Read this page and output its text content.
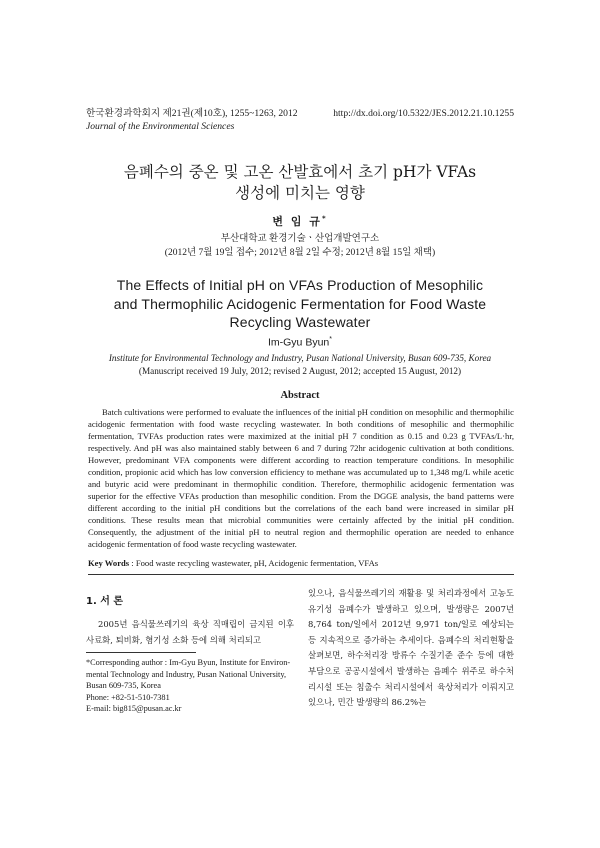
한국환경과학회지 제21권(제10호), 1255~1263, 2012	http://dx.doi.org/10.5322/JES.2012.21.10.1255
Journal of the Environmental Sciences
음폐수의 중온 및 고온 산발효에서 초기 pH가 VFAs
생성에 미치는 영향
변 임 규*
부산대학교 환경기술ㆍ산업개발연구소
(2012년 7월 19일 접수; 2012년 8월 2일 수정; 2012년 8월 15일 채택)
The Effects of Initial pH on VFAs Production of Mesophilic
and Thermophilic Acidogenic Fermentation for Food Waste
Recycling Wastewater
Im-Gyu Byun*
Institute for Environmental Technology and Industry, Pusan National University, Busan 609-735, Korea
(Manuscript received 19 July, 2012; revised 2 August, 2012; accepted 15 August, 2012)
Abstract
Batch cultivations were performed to evaluate the influences of the initial pH condition on mesophilic and thermophilic acidogenic fermentation with food waste recycling wastewater. In both conditions of mesophilic and thermophilic fermentation, TVFAs production rates were maximized at the initial pH 7 condition as 0.15 and 0.23 g TVFAs/L·hr, respectively. And pH was also maintained stably between 6 and 7 during 72hr acidogenic cultivation at both conditions. However, predominant VFA components were different according to reaction temperature conditions. In mesophilic condition, propionic acid which has low conversion efficiency to methane was accumulated up to 1,348 mg/L while acetic and butyric acid were predominant in thermophilic condition. Therefore, thermophilic acidogenic fermentation was superior for the effective VFAs production than mesophilic condition. From the DGGE analysis, the band patterns were different according to the initial pH conditions but the correlations of the each band were increased in similar pH conditions. These results mean that microbial communities were certainly affected by the initial pH condition. Consequently, the adjustment of the initial pH to neutral region and thermophilic operation are needed to enhance acidogenic fermentation of food waste recycling wastewater.
Key Words : Food waste recycling wastewater, pH, Acidogenic fermentation, VFAs
1. 서 론

2005년 음식물쓰레기의 육상 직매립이 금지된 이후 사료화, 퇴비화, 혐기성 소화 등에 의해 처리되고

*Corresponding author : Im-Gyu Byun, Institute for Environ-
mental Technology and Industry, Pusan National University,
Busan 609-735, Korea
Phone: +82-51-510-7381
E-mail: big815@pusan.ac.kr

있으나, 음식물쓰레기의 재활용 및 처리과정에서 고농도 유기성 음폐수가 발생하고 있으며, 발생량은 2007년 8,764 ton/일에서 2012년 9,971 ton/일로 예상되는 등 지속적으로 증가하는 추세이다. 음폐수의 처리현황을 살펴보면, 하수처리장 방류수 수질기준 준수 등에 대한 부담으로 공공시설에서 발생하는 음폐수 위주로 하수처리시설 또는 침출수 처리시설에서 육상처리가 이뤄지고 있으나, 민간 발생량의 86.2%는
